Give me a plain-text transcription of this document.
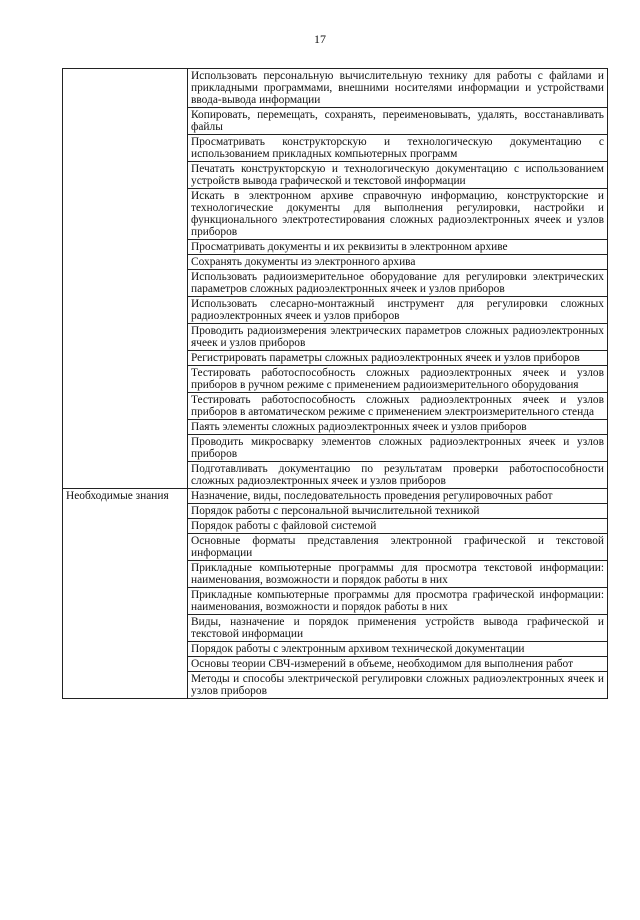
17
	Использовать персональную вычислительную технику для работы с файлами и прикладными программами, внешними носителями информации и устройствами ввода-вывода информации
	Копировать, перемещать, сохранять, переименовывать, удалять, восстанавливать файлы
	Просматривать конструкторскую и технологическую документацию с использованием прикладных компьютерных программ
	Печатать конструкторскую и технологическую документацию с использованием устройств вывода графической и текстовой информации
	Искать в электронном архиве справочную информацию, конструкторские и технологические документы для выполнения регулировки, настройки и функционального электротестирования сложных радиоэлектронных ячеек и узлов приборов
	Просматривать документы и их реквизиты в электронном архиве
	Сохранять документы из электронного архива
	Использовать радиоизмерительное оборудование для регулировки электрических параметров сложных радиоэлектронных ячеек и узлов приборов
	Использовать слесарно-монтажный инструмент для регулировки сложных радиоэлектронных ячеек и узлов приборов
	Проводить радиоизмерения электрических параметров сложных радиоэлектронных ячеек и узлов приборов
	Регистрировать параметры сложных радиоэлектронных ячеек и узлов приборов
	Тестировать работоспособность сложных радиоэлектронных ячеек и узлов приборов в ручном режиме с применением радиоизмерительного оборудования
	Тестировать работоспособность сложных радиоэлектронных ячеек и узлов приборов в автоматическом режиме с применением электроизмерительного стенда
	Паять элементы сложных радиоэлектронных ячеек и узлов приборов
	Проводить микросварку элементов сложных радиоэлектронных ячеек и узлов приборов
	Подготавливать документацию по результатам проверки работоспособности сложных радиоэлектронных ячеек и узлов приборов
Необходимые знания	Назначение, виды, последовательность проведения регулировочных работ
	Порядок работы с персональной вычислительной техникой
	Порядок работы с файловой системой
	Основные форматы представления электронной графической и текстовой информации
	Прикладные компьютерные программы для просмотра текстовой информации: наименования, возможности и порядок работы в них
	Прикладные компьютерные программы для просмотра графической информации: наименования, возможности и порядок работы в них
	Виды, назначение и порядок применения устройств вывода графической и текстовой информации
	Порядок работы с электронным архивом технической документации
	Основы теории СВЧ-измерений в объеме, необходимом для выполнения работ
	Методы и способы электрической регулировки сложных радиоэлектронных ячеек и узлов приборов
